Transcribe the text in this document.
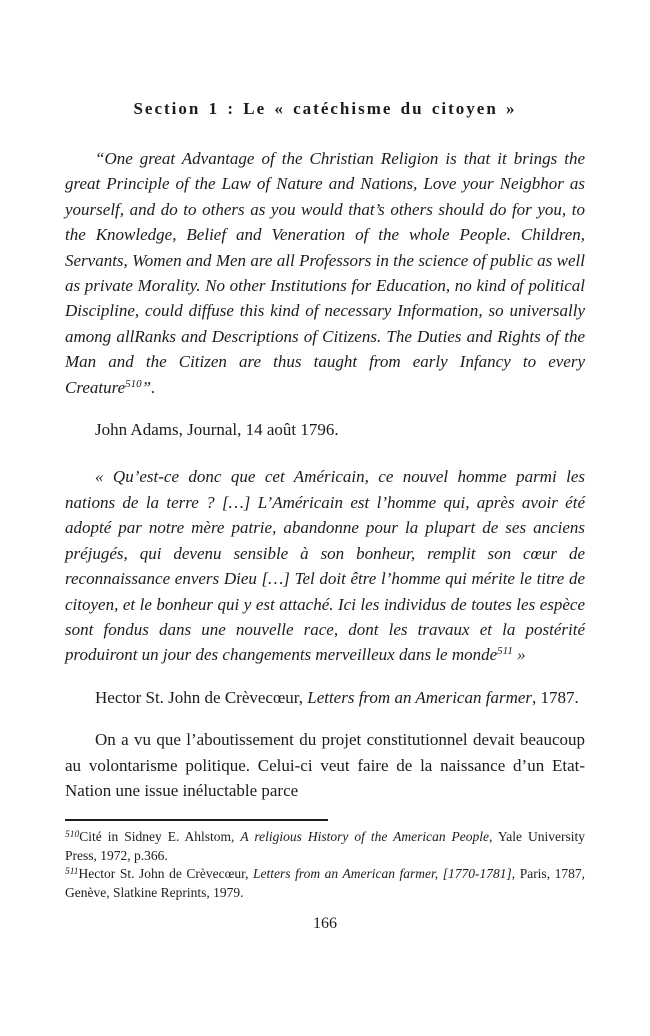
Section 1 : Le « catéchisme du citoyen »

“One great Advantage of the Christian Religion is that it brings the great Principle of the Law of Nature and Nations, Love your Neigbhor as yourself, and do to others as you would that’s others should do for you, to the Knowledge, Belief and Veneration of the whole People. Children, Servants, Women and Men are all Professors in the science of public as well as private Morality. No other Institutions for Education, no kind of political Discipline, could diffuse this kind of necessary Information, so universally among allRanks and Descriptions of Citizens. The Duties and Rights of the Man and the Citizen are thus taught from early Infancy to every Creature$^{510}$”.

John Adams, Journal, 14 août 1796.

« Qu’est-ce donc que cet Américain, ce nouvel homme parmi les nations de la terre ? […] L’Américain est l’homme qui, après avoir été adopté par notre mère patrie, abandonne pour la plupart de ses anciens préjugés, qui devenu sensible à son bonheur, remplit son cœur de reconnaissance envers Dieu […] Tel doit être l’homme qui mérite le titre de citoyen, et le bonheur qui y est attaché. Ici les individus de toutes les espèce sont fondus dans une nouvelle race, dont les travaux et la postérité produiront un jour des changements merveilleux dans le monde$^{511}$ »

Hector St. John de Crèvecœur, Letters from an American farmer, 1787.

On a vu que l’aboutissement du projet constitutionnel devait beaucoup au volontarisme politique. Celui-ci veut faire de la naissance d’un Etat-Nation une issue inéluctable parce

$^{510}$Cité in Sidney E. Ahlstom, A religious History of the American People, Yale University Press, 1972, p.366.

$^{511}$Hector St. John de Crèvecœur, Letters from an American farmer, [1770-1781], Paris, 1787, Genève, Slatkine Reprints, 1979.

166
